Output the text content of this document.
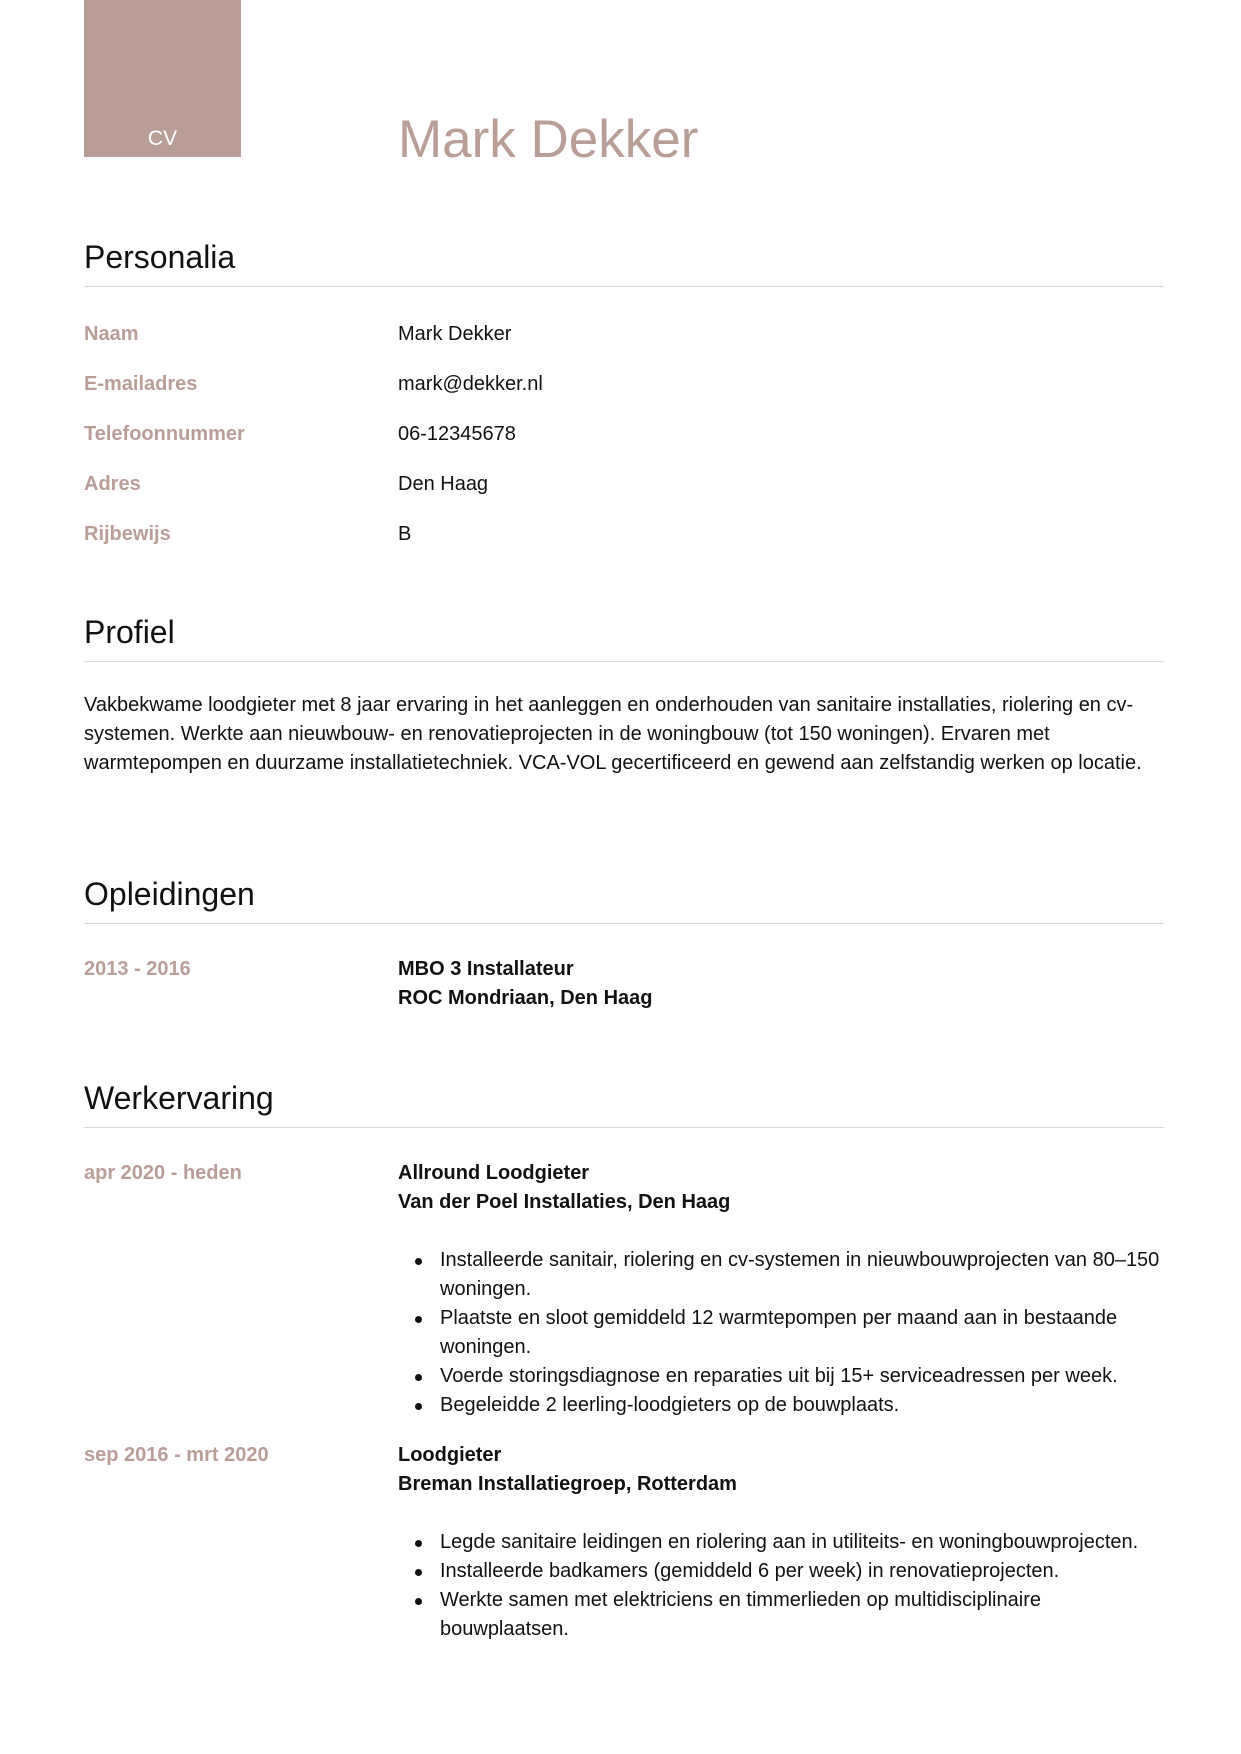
CV	Mark Dekker
Personalia
Naam	Mark Dekker
E-mailadres	mark@dekker.nl
Telefoonnummer	06-12345678
Adres	Den Haag
Rijbewijs	B
Profiel

Vakbekwame loodgieter met 8 jaar ervaring in het aanleggen en onderhouden van sanitaire installaties, riolering en cv-systemen. Werkte aan nieuwbouw- en renovatieprojecten in de woningbouw (tot 150 woningen). Ervaren met warmtepompen en duurzame installatietechniek. VCA-VOL gecertificeerd en gewend aan zelfstandig werken op locatie.

Opleidingen
2013 - 2016	MBO 3 Installateur
ROC Mondriaan, Den Haag
Werkervaring
apr 2020 - heden	Allround Loodgieter
Van der Poel Installaties, Den Haag
Installeerde sanitair, riolering en cv-systemen in nieuwbouwprojecten van 80–150 woningen.
Plaatste en sloot gemiddeld 12 warmtepompen per maand aan in bestaande woningen.
Voerde storingsdiagnose en reparaties uit bij 15+ serviceadressen per week.
Begeleidde 2 leerling-loodgieters op de bouwplaats.
sep 2016 - mrt 2020	Loodgieter
Breman Installatiegroep, Rotterdam
Legde sanitaire leidingen en riolering aan in utiliteits- en woningbouwprojecten.
Installeerde badkamers (gemiddeld 6 per week) in renovatieprojecten.
Werkte samen met elektriciens en timmerlieden op multidisciplinaire bouwplaatsen.
